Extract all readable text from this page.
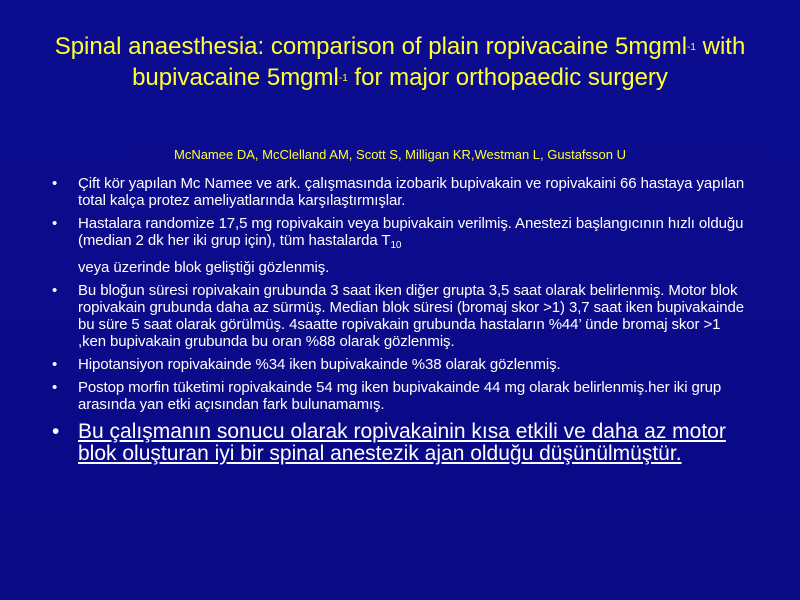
Spinal anaesthesia: comparison of plain ropivacaine 5mgml$_{-1}$ with bupivacaine 5mgml$_{-1}$ for major orthopaedic surgery
McNamee DA, McClelland AM, Scott S, Milligan KR,Westman L, Gustafsson U
• Çift kör yapılan Mc Namee ve ark. çalışmasında izobarik bupivakain ve ropivakaini 66 hastaya yapılan total kalça protez ameliyatlarında karşılaştırmışlar.
• Hastalara randomize 17,5 mg ropivakain veya bupivakain verilmiş. Anestezi başlangıcının hızlı olduğu (median 2 dk her iki grup için), tüm hastalarda $T_{10}$
veya üzerinde blok geliştiği gözlenmiş.
• Bu bloğun süresi ropivakain grubunda 3 saat iken diğer grupta 3,5 saat olarak belirlenmiş. Motor blok ropivakain grubunda daha az sürmüş. Median blok süresi (bromaj skor >1) 3,7 saat iken bupivakainde bu süre 5 saat olarak görülmüş. 4saatte ropivakain grubunda hastaların %44’ ünde bromaj skor >1 ,ken bupivakain grubunda bu oran %88 olarak gözlenmiş.
• Hipotansiyon ropivakainde %34 iken bupivakainde %38 olarak gözlenmiş.
• Postop morfin tüketimi ropivakainde 54 mg iken bupivakainde 44 mg olarak belirlenmiş.her iki grup arasında yan etki açısından fark bulunamamış.
• Bu çalışmanın sonucu olarak ropivakainin kısa etkili ve daha az motor blok oluşturan iyi bir spinal anestezik ajan olduğu düşünülmüştür.
